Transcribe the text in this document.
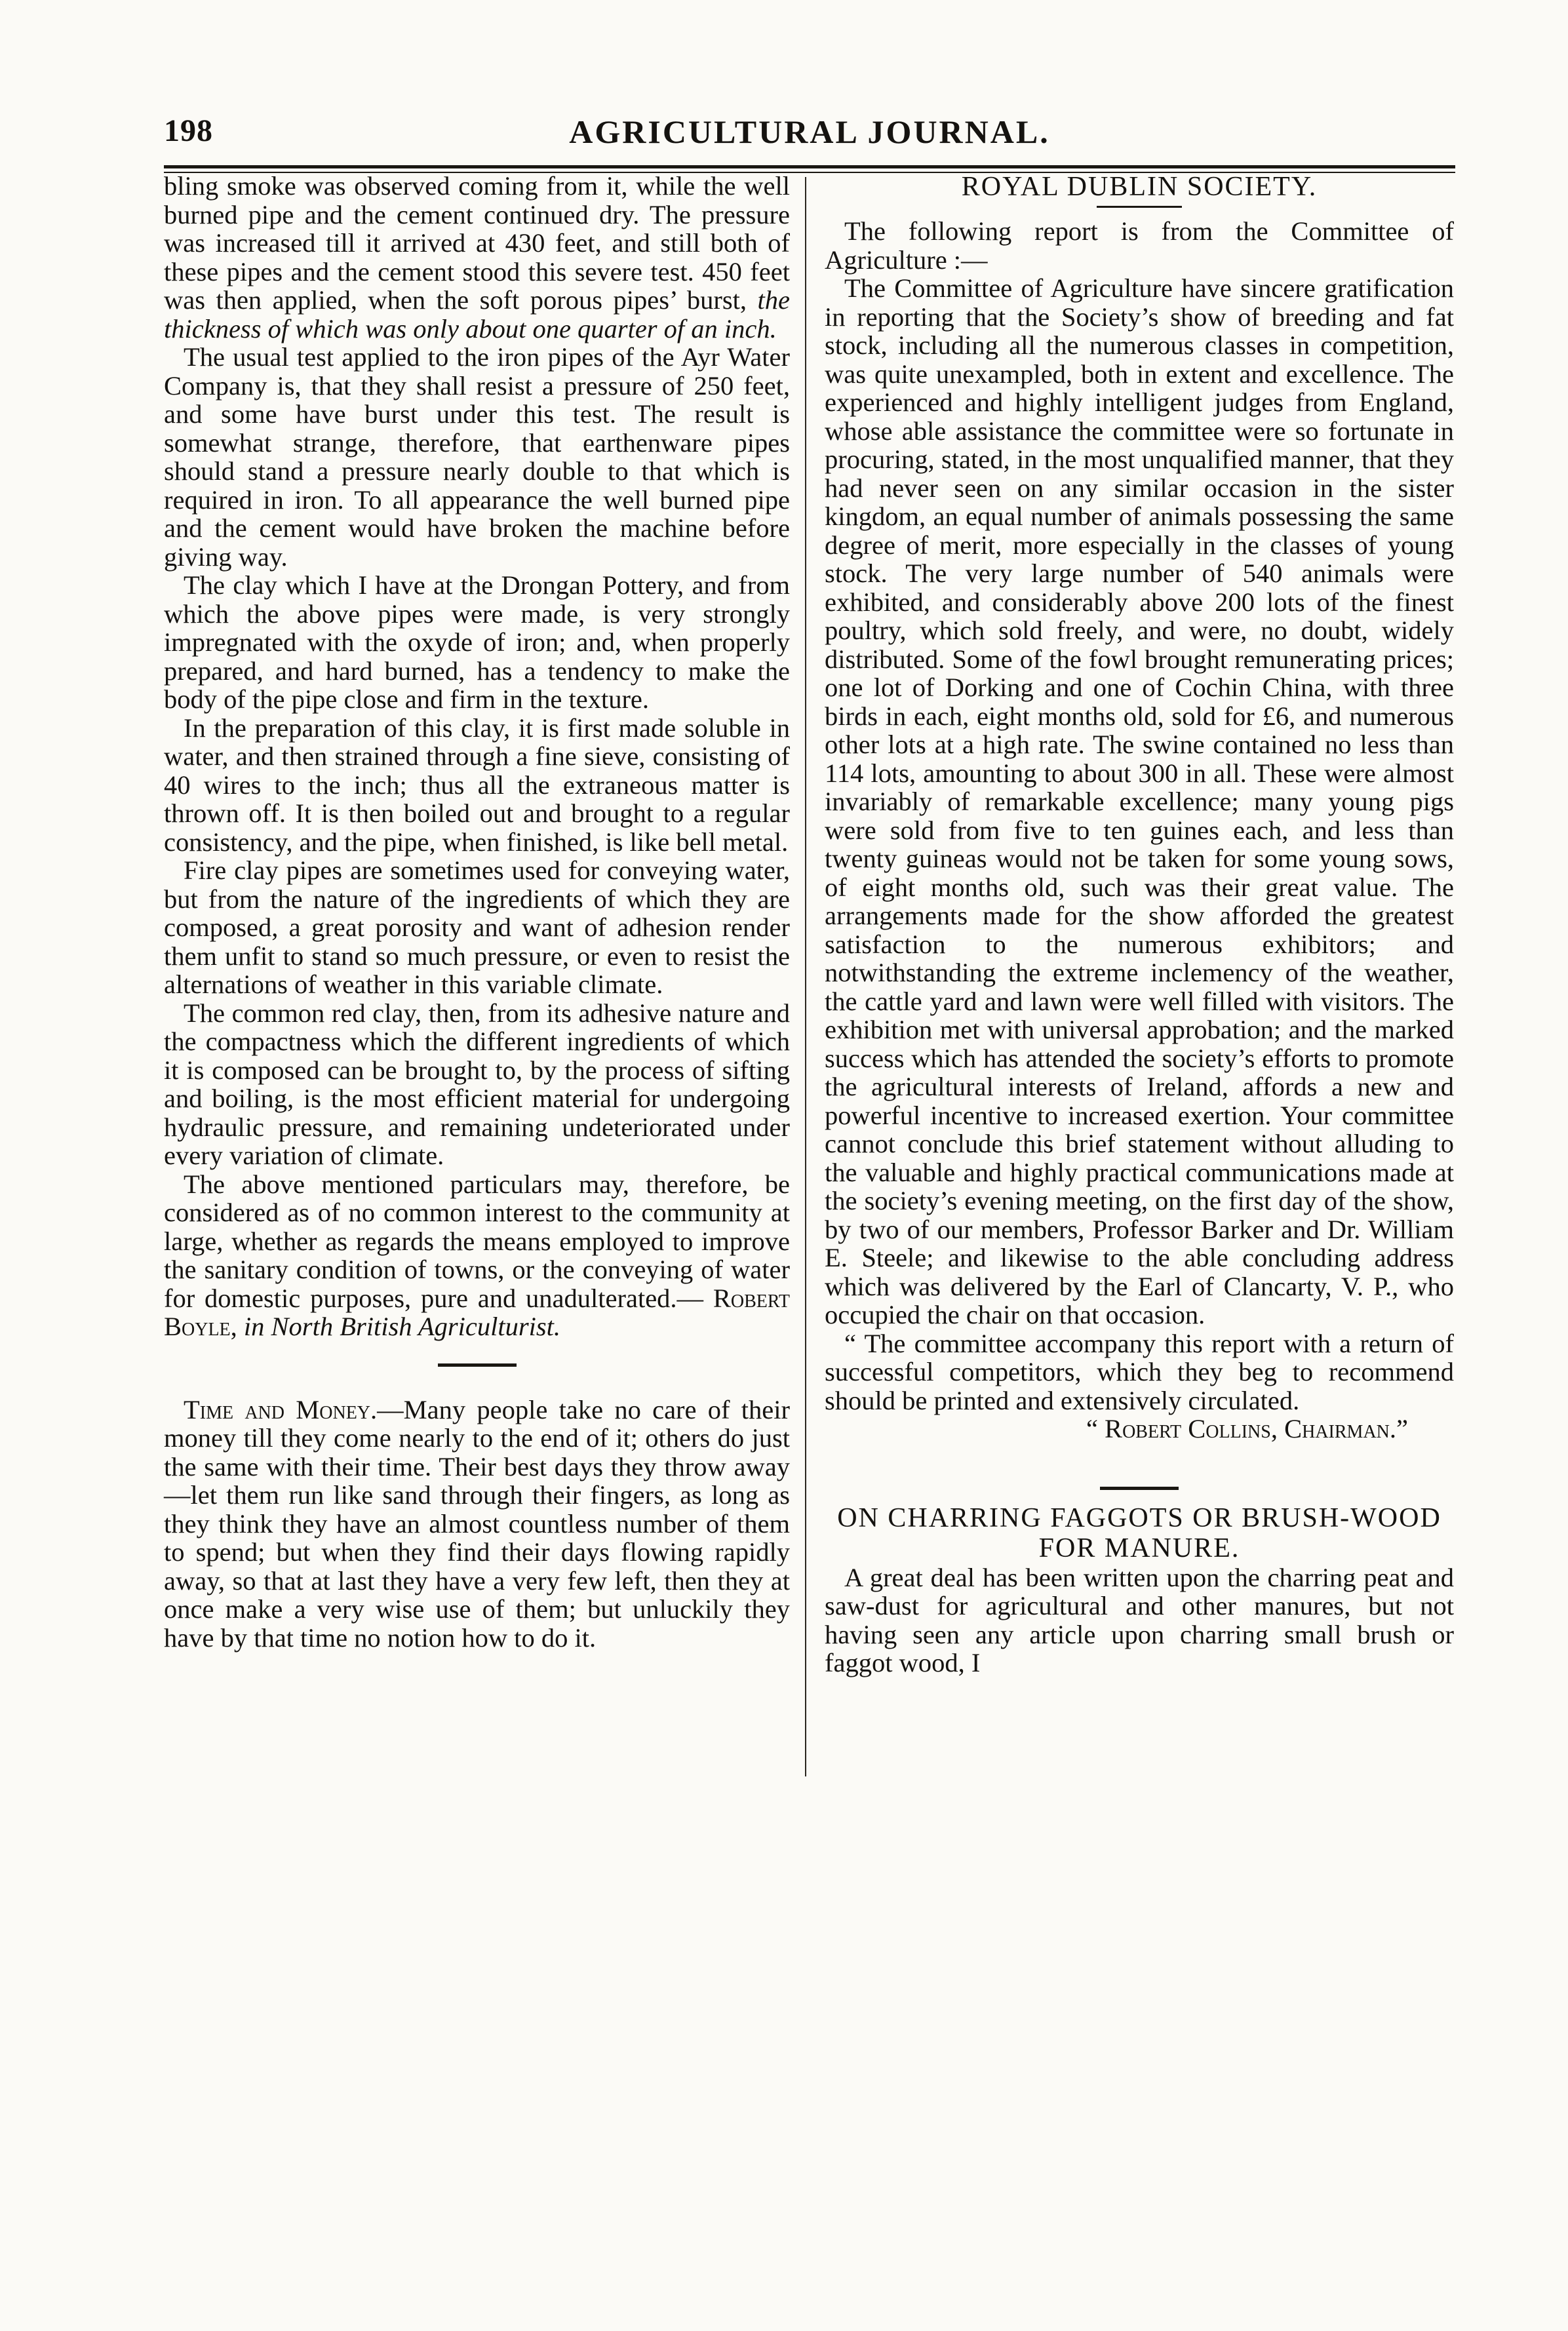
198	AGRICULTURAL JOURNAL.

bling smoke was observed coming from it, while the well burned pipe and the cement continued dry. The pressure was increased till it arrived at 430 feet, and still both of these pipes and the cement stood this severe test. 450 feet was then applied, when the soft porous pipes’ burst, the thickness of which was only about one quarter of an inch.

The usual test applied to the iron pipes of the Ayr Water Company is, that they shall resist a pressure of 250 feet, and some have burst under this test. The result is somewhat strange, therefore, that earthenware pipes should stand a pressure nearly double to that which is required in iron. To all appearance the well burned pipe and the cement would have broken the machine before giving way.

The clay which I have at the Drongan Pottery, and from which the above pipes were made, is very strongly impregnated with the oxyde of iron; and, when properly prepared, and hard burned, has a tendency to make the body of the pipe close and firm in the texture.

In the preparation of this clay, it is first made soluble in water, and then strained through a fine sieve, consisting of 40 wires to the inch; thus all the extraneous matter is thrown off. It is then boiled out and brought to a regular consistency, and the pipe, when finished, is like bell metal.

Fire clay pipes are sometimes used for conveying water, but from the nature of the ingredients of which they are composed, a great porosity and want of adhesion render them unfit to stand so much pressure, or even to resist the alternations of weather in this variable climate.

The common red clay, then, from its adhesive nature and the compactness which the different ingredients of which it is composed can be brought to, by the process of sifting and boiling, is the most efficient material for undergoing hydraulic pressure, and remaining undeteriorated under every variation of climate.

The above mentioned particulars may, therefore, be considered as of no common interest to the community at large, whether as regards the means employed to improve the sanitary condition of towns, or the conveying of water for domestic purposes, pure and unadulterated.— Robert Boyle, in North British Agriculturist.

Time and Money.—Many people take no care of their money till they come nearly to the end of it; others do just the same with their time. Their best days they throw away—let them run like sand through their fingers, as long as they think they have an almost countless number of them to spend; but when they find their days flowing rapidly away, so that at last they have a very few left, then they at once make a very wise use of them; but unluckily they have by that time no notion how to do it.

ROYAL DUBLIN SOCIETY.

The following report is from the Committee of Agriculture :—

The Committee of Agriculture have sincere gratification in reporting that the Society’s show of breeding and fat stock, including all the numerous classes in competition, was quite unexampled, both in extent and excellence. The experienced and highly intelligent judges from England, whose able assistance the committee were so fortunate in procuring, stated, in the most unqualified manner, that they had never seen on any similar occasion in the sister kingdom, an equal number of animals possessing the same degree of merit, more especially in the classes of young stock. The very large number of 540 animals were exhibited, and considerably above 200 lots of the finest poultry, which sold freely, and were, no doubt, widely distributed. Some of the fowl brought remunerating prices; one lot of Dorking and one of Cochin China, with three birds in each, eight months old, sold for £6, and numerous other lots at a high rate. The swine contained no less than 114 lots, amounting to about 300 in all. These were almost invariably of remarkable excellence; many young pigs were sold from five to ten guines each, and less than twenty guineas would not be taken for some young sows, of eight months old, such was their great value. The arrangements made for the show afforded the greatest satisfaction to the numerous exhibitors; and notwithstanding the extreme inclemency of the weather, the cattle yard and lawn were well filled with visitors. The exhibition met with universal approbation; and the marked success which has attended the society’s efforts to promote the agricultural interests of Ireland, affords a new and powerful incentive to increased exertion. Your committee cannot conclude this brief statement without alluding to the valuable and highly practical communications made at the society’s evening meeting, on the first day of the show, by two of our members, Professor Barker and Dr. William E. Steele; and likewise to the able concluding address which was delivered by the Earl of Clancarty, V. P., who occupied the chair on that occasion.

“ The committee accompany this report with a return of successful competitors, which they beg to recommend should be printed and extensively circulated.

“ Robert Collins, Chairman.”

ON CHARRING FAGGOTS OR BRUSH-WOOD FOR MANURE.

A great deal has been written upon the charring peat and saw-dust for agricultural and other manures, but not having seen any article upon charring small brush or faggot wood, I
